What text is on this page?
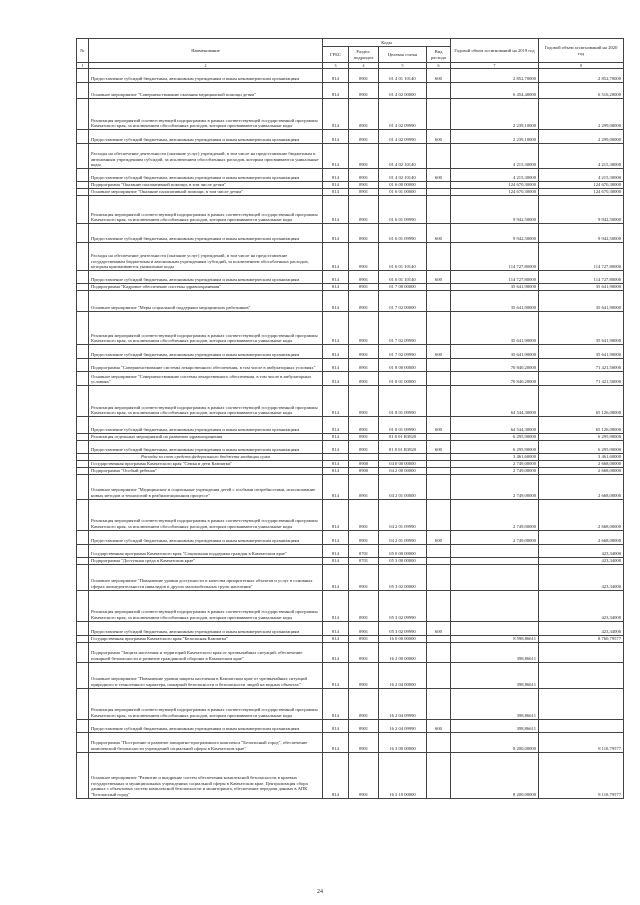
№	Наименование	Коды				Годовой объем ассигнований на 2019 год	Годовой объем ассигнований на 2020 год
		ГРБС	Раздел, подраздел	Целевая статья	Вид расхода		
1	2	3	4	5	6	7	8
	Предоставление субсидий бюджетным, автономным учреждениям и иным некоммерческим организациям	814	0901	01 4 01 10140	600	2 852,70000	2 852,70000
	Основное мероприятие "Совершенствование оказания медицинской помощи детям"	814	0901	01 4 02 00000		6 454,40000	6 516,20000
	Реализация мероприятий соответствующей подпрограммы в рамках соответствующей государственной программы Камчатского края, за исключением обособленных расходов, которым присваиваются уникальные коды	814	0901	01 4 02 09990		2 239,10000	2 299,00000
	Предоставление субсидий бюджетным, автономным учреждениям и иным некоммерческим организациям	814	0901	01 4 02 09990	600	2 239,10000	2 299,00000
	Расходы на обеспечение деятельности (оказание услуг) учреждений, в том числе на предоставление бюджетным и автономным учреждениям субсидий, за исключением обособленных расходов, которым присваиваются уникальные коды	814	0901	01 4 02 10140		4 215,30000	4 215,30000
	Предоставление субсидий бюджетным, автономным учреждениям и иным некоммерческим организациям	814	0901	01 4 02 10140	600	4 215,30000	4 215,30000
	Подпрограмма "Оказание паллиативной помощи, в том числе детям"	814	0901	01 6 00 00000		124 670,30000	124 670,30000
	Основное мероприятие "Оказание паллиативной помощи, в том числе детям"	814	0901	01 6 01 00000		124 670,30000	124 670,30000
	Реализация мероприятий соответствующей подпрограммы в рамках соответствующей государственной программы Камчатского края, за исключением обособленных расходов, которым присваиваются уникальные коды	814	0901	01 6 01 09990		9 942,50000	9 942,50000
	Предоставление субсидий бюджетным, автономным учреждениям и иным некоммерческим организациям	814	0901	01 6 01 09990	600	9 942,50000	9 942,50000
	Расходы на обеспечение деятельности (оказание услуг) учреждений, в том числе на предоставление государственным бюджетным и автономным учреждениям субсидий, за исключением обособленных расходов, которым присваиваются уникальные коды	814	0901	01 6 01 10140		114 727,80000	114 727,80000
	Предоставление субсидий бюджетным, автономным учреждениям и иным некоммерческим организациям	814	0901	01 6 01 10140	600	114 727,80000	114 727,80000
	Подпрограмма "Кадровое обеспечение системы здравоохранения"	814	0901	01 7 00 00000		35 641,90000	35 641,90000
	Основное мероприятие "Меры социальной поддержки медицинских работников"	814	0901	01 7 02 00000		35 641,90000	35 641,90000
	Реализация мероприятий соответствующей подпрограммы в рамках соответствующей государственной программы Камчатского края, за исключением обособленных расходов, которым присваиваются уникальные коды	814	0901	01 7 02 09990		35 641,90000	35 641,90000
	Предоставление субсидий бюджетным, автономным учреждениям и иным некоммерческим организациям	814	0901	01 7 02 09990	600	35 641,90000	35 641,90000
	Подпрограмма "Совершенствование системы лекарственного обеспечения, в том числе в амбулаторных условиях"	814	0901	01 8 00 00000		70 840,20000	71 421,50000
	Основное мероприятие "Совершенствование системы лекарственного обеспечения, в том числе в амбулаторных условиях"	814	0901	01 8 01 00000		70 840,20000	71 421,50000
	Реализация мероприятий соответствующей подпрограммы в рамках соответствующей государственной программы Камчатского края, за исключением обособленных расходов, которым присваиваются уникальные коды	814	0901	01 8 01 09990		64 544,30000	65 126,00000
	Предоставление субсидий бюджетным, автономным учреждениям и иным некоммерческим организациям	814	0901	01 8 01 09990	600	64 544,30000	65 126,00000
	Реализация отдельных мероприятий по развитию здравоохранения	814	0901	01 8 01 R3820		6 295,90000	6 295,90000
	Предоставление субсидий бюджетным, автономным учреждениям и иным некоммерческим организациям	814	0901	01 8 01 R3820	600	6 295,90000	6 295,90000
	Расходы за счет средств федерального бюджета входящих сумм					3 461,60000	3 461,60000
	Государственная программа Камчатского края "Семья и дети Камчатки"	814	0900	04 0 00 00000		2 749,00000	2 668,00000
	Подпрограмма "Особый ребенок"	814	0900	04 2 00 00000		2 749,00000	2 668,00000
	Основное мероприятие "Медицинские и социальные учреждения детей с особыми потребностями, использование новых методов и технологий в реабилитационном процессе"	814	0901	04 2 01 00000		2 749,00000	2 668,00000
	Реализация мероприятий соответствующей подпрограммы в рамках соответствующей государственной программы Камчатского края, за исключением обособленных расходов, которым присваиваются уникальные коды	814	0901	04 2 01 09990		2 749,00000	2 668,00000
	Предоставление субсидий бюджетным, автономным учреждениям и иным некоммерческим организациям	814	0901	04 2 01 09990	600	2 749,00000	2 668,00000
	Государственная программа Камчатского края "Социальная поддержка граждан в Камчатском крае"	814	0701	05 0 00 00000			423,34000
	Подпрограмма "Доступная среда в Камчатском крае"	814	0701	05 3 00 00000			423,34000
	Основное мероприятие "Повышение уровня доступности и качества приоритетных объектов и услуг в основных сферах жизнедеятельности инвалидов и других маломобильных групп населения"	814	0901	05 3 02 00000			423,34000
	Реализация мероприятий соответствующей подпрограммы в рамках соответствующей государственной программы Камчатского края, за исключением обособленных расходов, которым присваиваются уникальные коды	814	0901	05 3 02 09990			423,34000
	Предоставление субсидий бюджетным, автономным учреждениям и иным некоммерческим организациям	814	0901	05 3 02 09990	600		423,34000
	Государственная программа Камчатского края "Безопасная Камчатка"	814	0901	16 0 00 00000		8 598,86611	8 760,79577
	Подпрограмма "Защита населения и территорий Камчатского края от чрезвычайных ситуаций, обеспечение пожарной безопасности и развитие гражданской обороны в Камчатском крае"	814	0901	16 2 00 00000		398,86611	
	Основное мероприятие "Повышение уровня защиты населения в Камчатском крае от чрезвычайных ситуаций природного и техногенного характера, пожарной безопасности и безопасности людей на водных объектах"	814	0901	16 2 04 00000		398,86611	
	Реализация мероприятий соответствующей подпрограммы в рамках соответствующей государственной программы Камчатского края, за исключением обособленных расходов, которым присваиваются уникальные коды	814	0901	16 2 04 09990		398,86611	
	Предоставление субсидий бюджетным, автономным учреждениям и иным некоммерческим организациям	814	0901	16 2 04 09990	600	398,86611	
	Подпрограмма "Построение и развитие аппаратно-программного комплекса "Безопасный город", обеспечение комплексной безопасности учреждений социальной сферы в Камчатском крае"	814	0901	16 3 00 00000		8 200,00000	8 110,79577
	Основное мероприятие "Развитие и внедрение систем обеспечения комплексной безопасности в краевых государственных и муниципальных учреждениях социальной сферы в Камчатском крае. Централизация сбора данных с объектовых систем комплексной безопасности и мониторинга, обеспечение передачи данных в АПК "Безопасный город"	814	0901	16 3 10 00000		8 200,00000	8 110,79577
24
